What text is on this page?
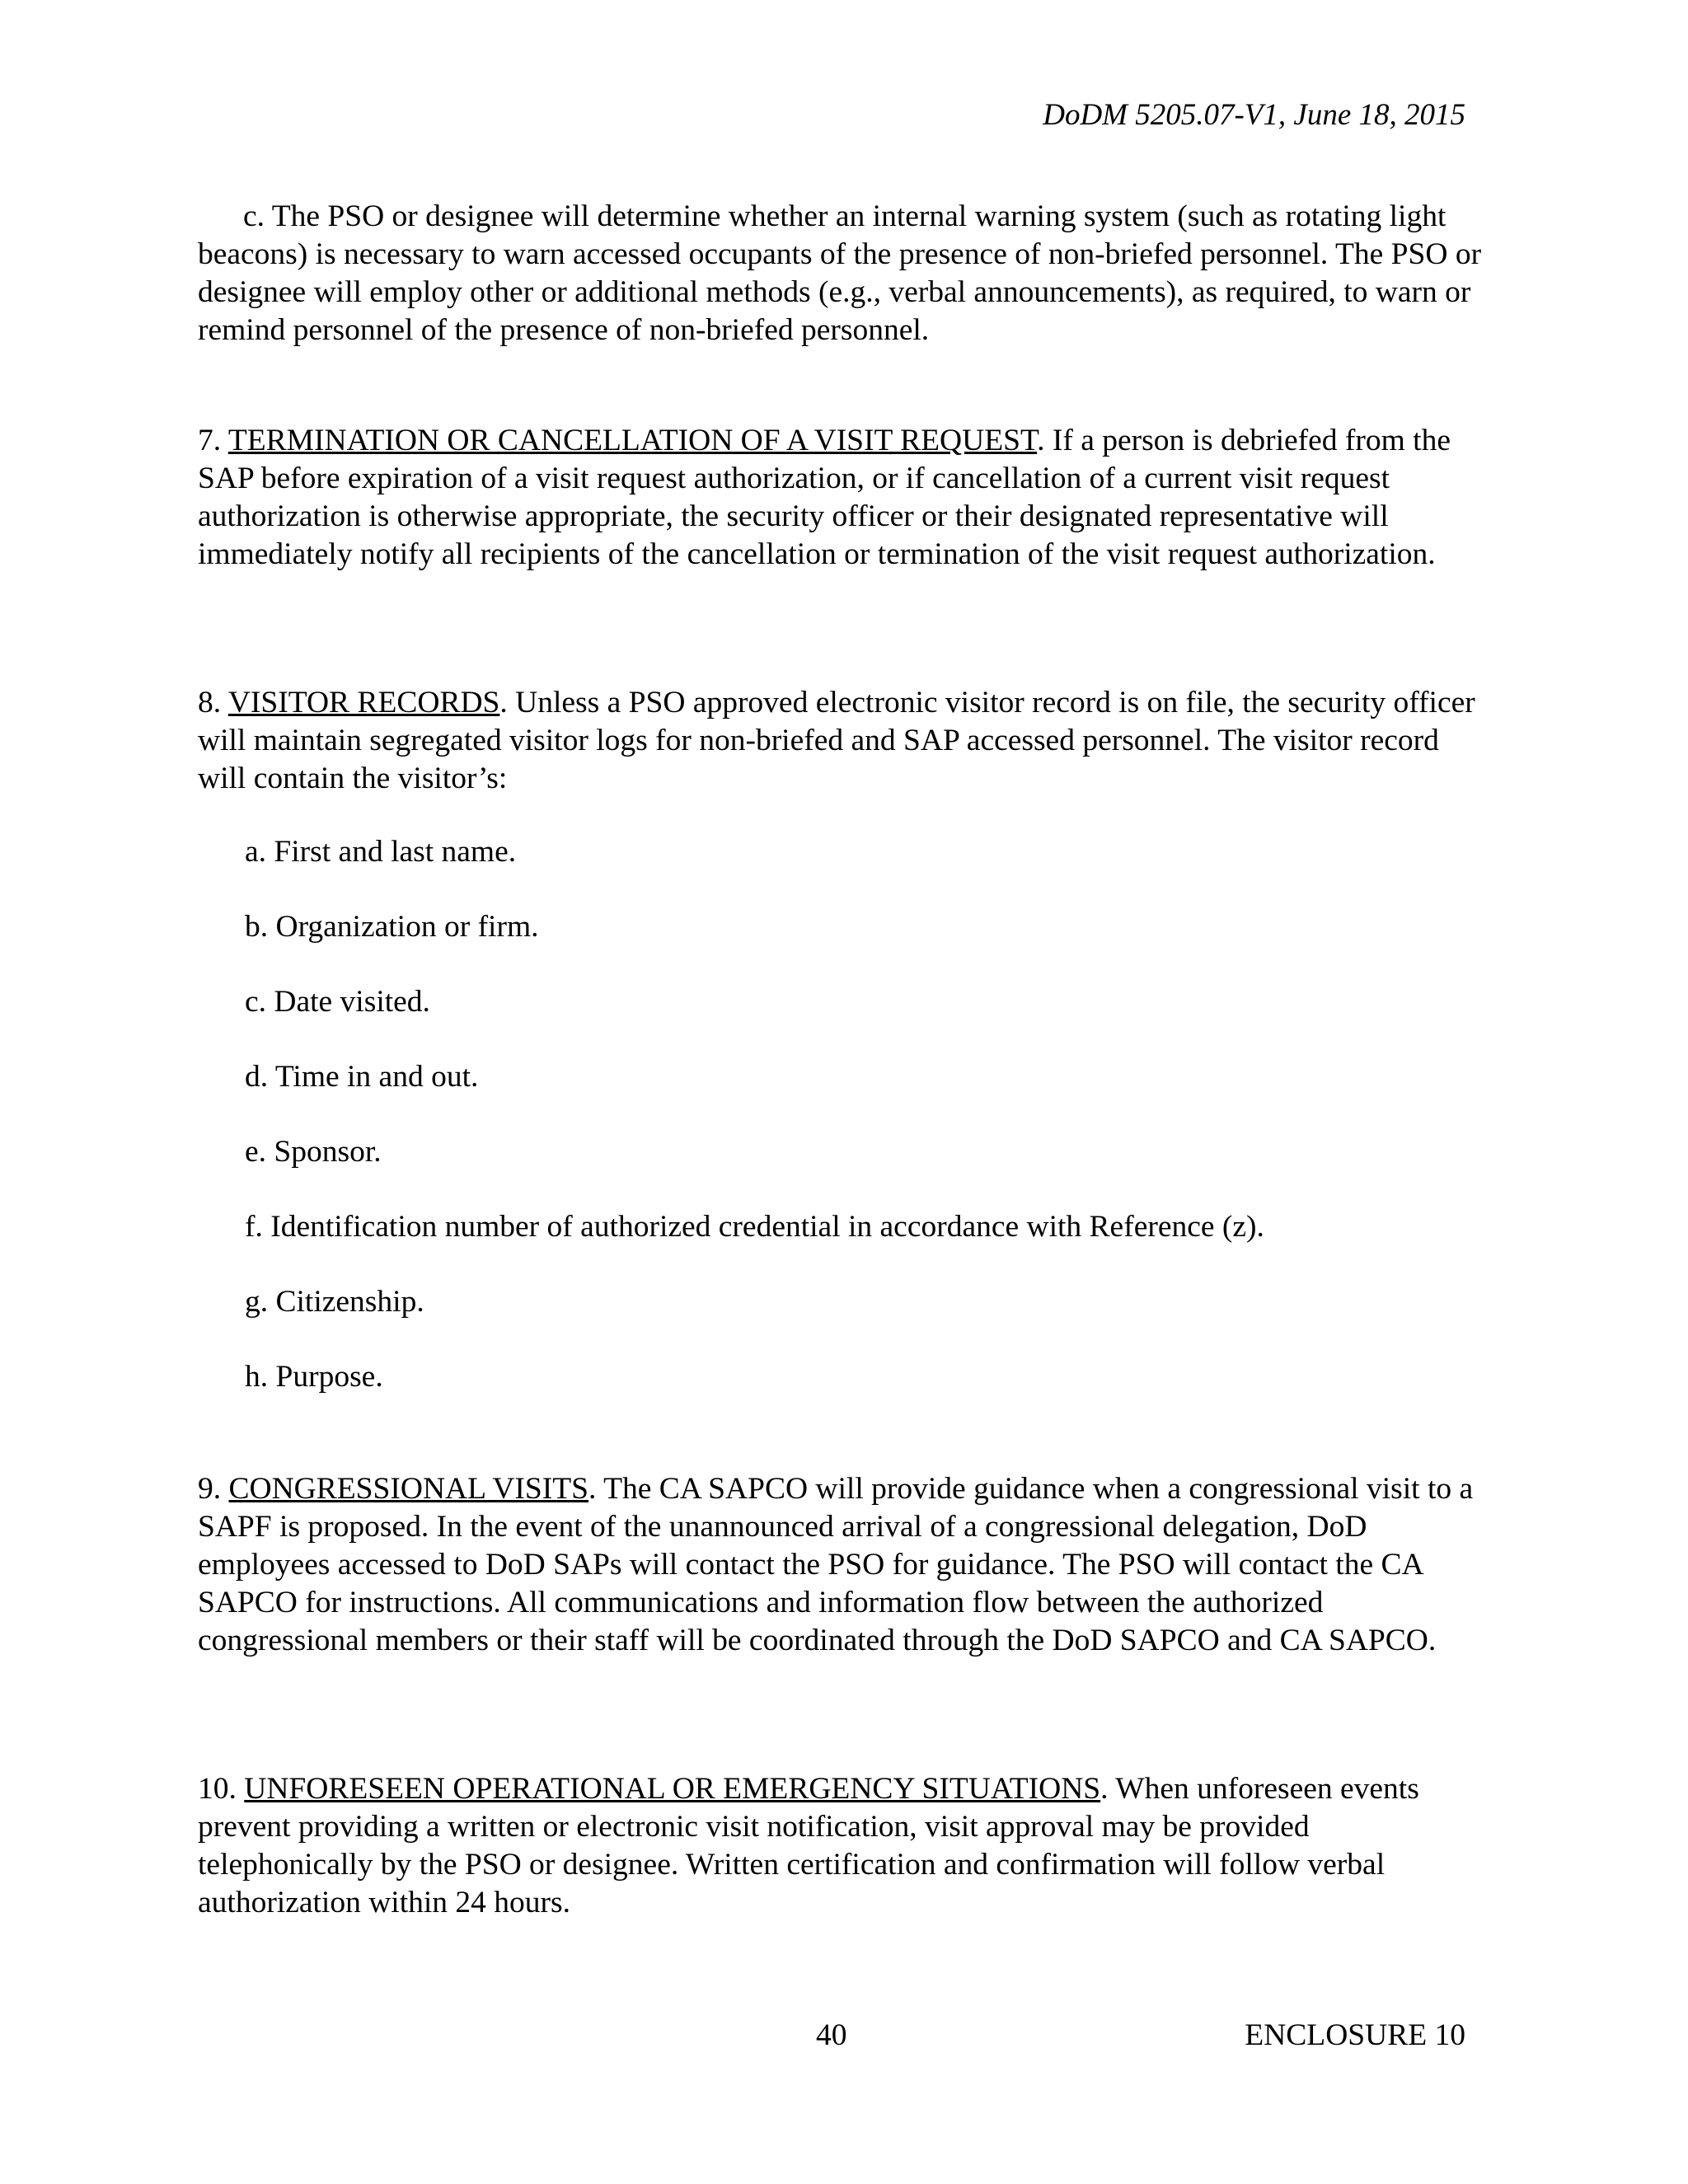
DoDM 5205.07-V1, June 18, 2015

c. The PSO or designee will determine whether an internal warning system (such as rotating light beacons) is necessary to warn accessed occupants of the presence of non-briefed personnel. The PSO or designee will employ other or additional methods (e.g., verbal announcements), as required, to warn or remind personnel of the presence of non-briefed personnel.

7. TERMINATION OR CANCELLATION OF A VISIT REQUEST. If a person is debriefed from the SAP before expiration of a visit request authorization, or if cancellation of a current visit request authorization is otherwise appropriate, the security officer or their designated representative will immediately notify all recipients of the cancellation or termination of the visit request authorization.

8. VISITOR RECORDS. Unless a PSO approved electronic visitor record is on file, the security officer will maintain segregated visitor logs for non-briefed and SAP accessed personnel. The visitor record will contain the visitor’s:

a. First and last name.

b. Organization or firm.

c. Date visited.

d. Time in and out.

e. Sponsor.

f. Identification number of authorized credential in accordance with Reference (z).

g. Citizenship.

h. Purpose.

9. CONGRESSIONAL VISITS. The CA SAPCO will provide guidance when a congressional visit to a SAPF is proposed. In the event of the unannounced arrival of a congressional delegation, DoD employees accessed to DoD SAPs will contact the PSO for guidance. The PSO will contact the CA SAPCO for instructions. All communications and information flow between the authorized congressional members or their staff will be coordinated through the DoD SAPCO and CA SAPCO.

10. UNFORESEEN OPERATIONAL OR EMERGENCY SITUATIONS. When unforeseen events prevent providing a written or electronic visit notification, visit approval may be provided telephonically by the PSO or designee. Written certification and confirmation will follow verbal authorization within 24 hours.

40	ENCLOSURE 10
